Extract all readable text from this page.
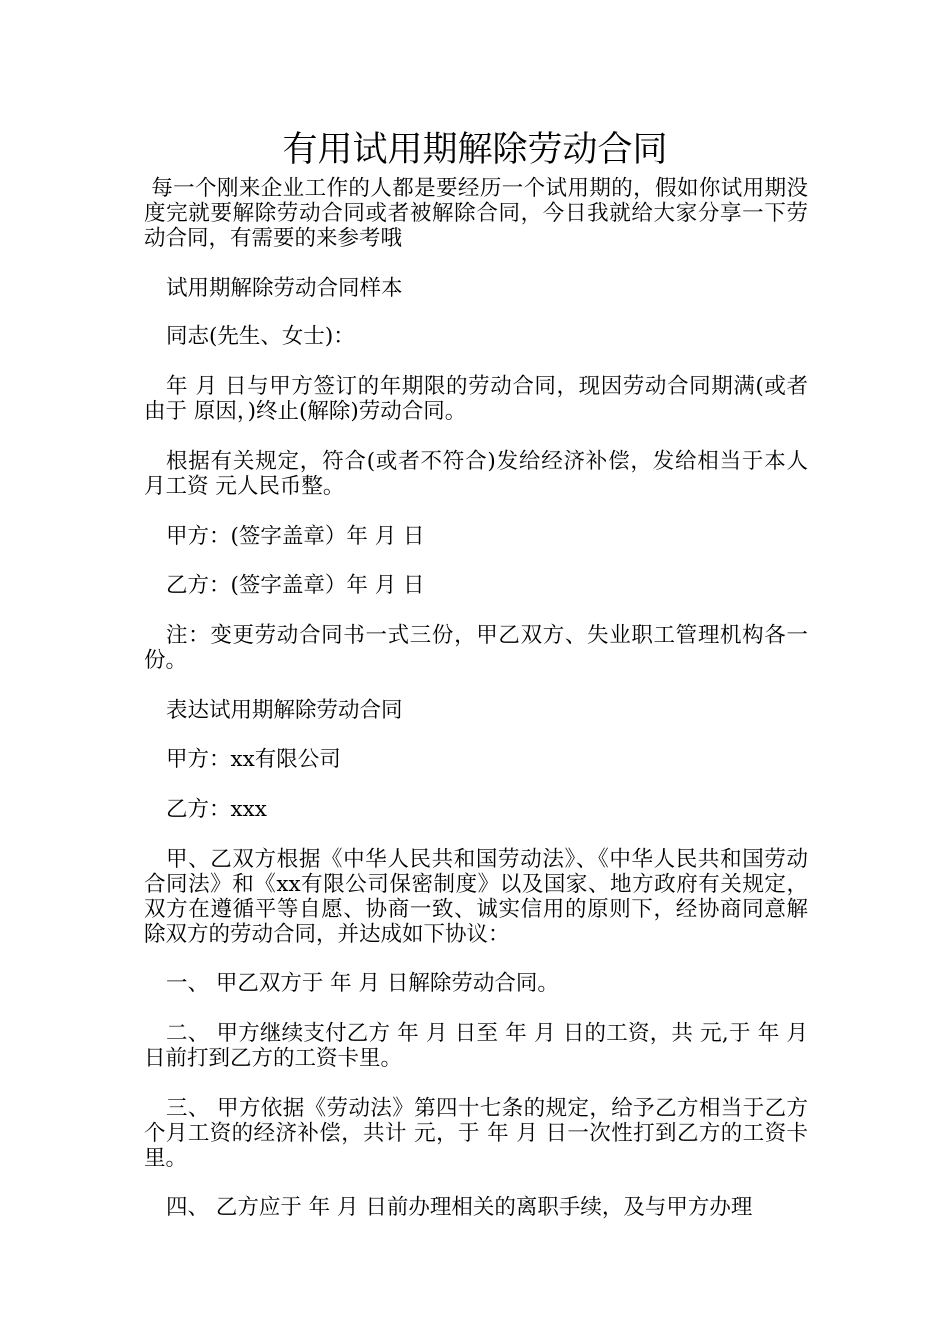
有用试用期解除劳动合同
每一个刚来企业工作的人都是要经历一个试用期的，假如你试用期没度完就要解除劳动合同或者被解除合同，今日我就给大家分享一下劳动合同，有需要的来参考哦
试用期解除劳动合同样本
同志(先生、女士)：
年 月 日与甲方签订的年期限的劳动合同，现因劳动合同期满(或者由于 原因，)终止(解除)劳动合同。
根据有关规定，符合(或者不符合)发给经济补偿，发给相当于本人 月工资 元人民币整。
甲方：(签字盖章）年 月 日
乙方：(签字盖章）年 月 日
注：变更劳动合同书一式三份，甲乙双方、失业职工管理机构各一份。
表达试用期解除劳动合同
甲方：xx有限公司
乙方：xxx
甲、乙双方根据《中华人民共和国劳动法》、《中华人民共和国劳动合同法》和《xx有限公司保密制度》以及国家、地方政府有关规定，双方在遵循平等自愿、协商一致、诚实信用的原则下，经协商同意解除双方的劳动合同，并达成如下协议：
一、 甲乙双方于 年 月 日解除劳动合同。
二、 甲方继续支付乙方 年 月 日至 年 月 日的工资，共 元,于 年 月 日前打到乙方的工资卡里。
三、 甲方依据《劳动法》第四十七条的规定，给予乙方相当于乙方 个月工资的经济补偿，共计 元，于 年 月 日一次性打到乙方的工资卡里。
四、 乙方应于 年 月 日前办理相关的离职手续，及与甲方办理
